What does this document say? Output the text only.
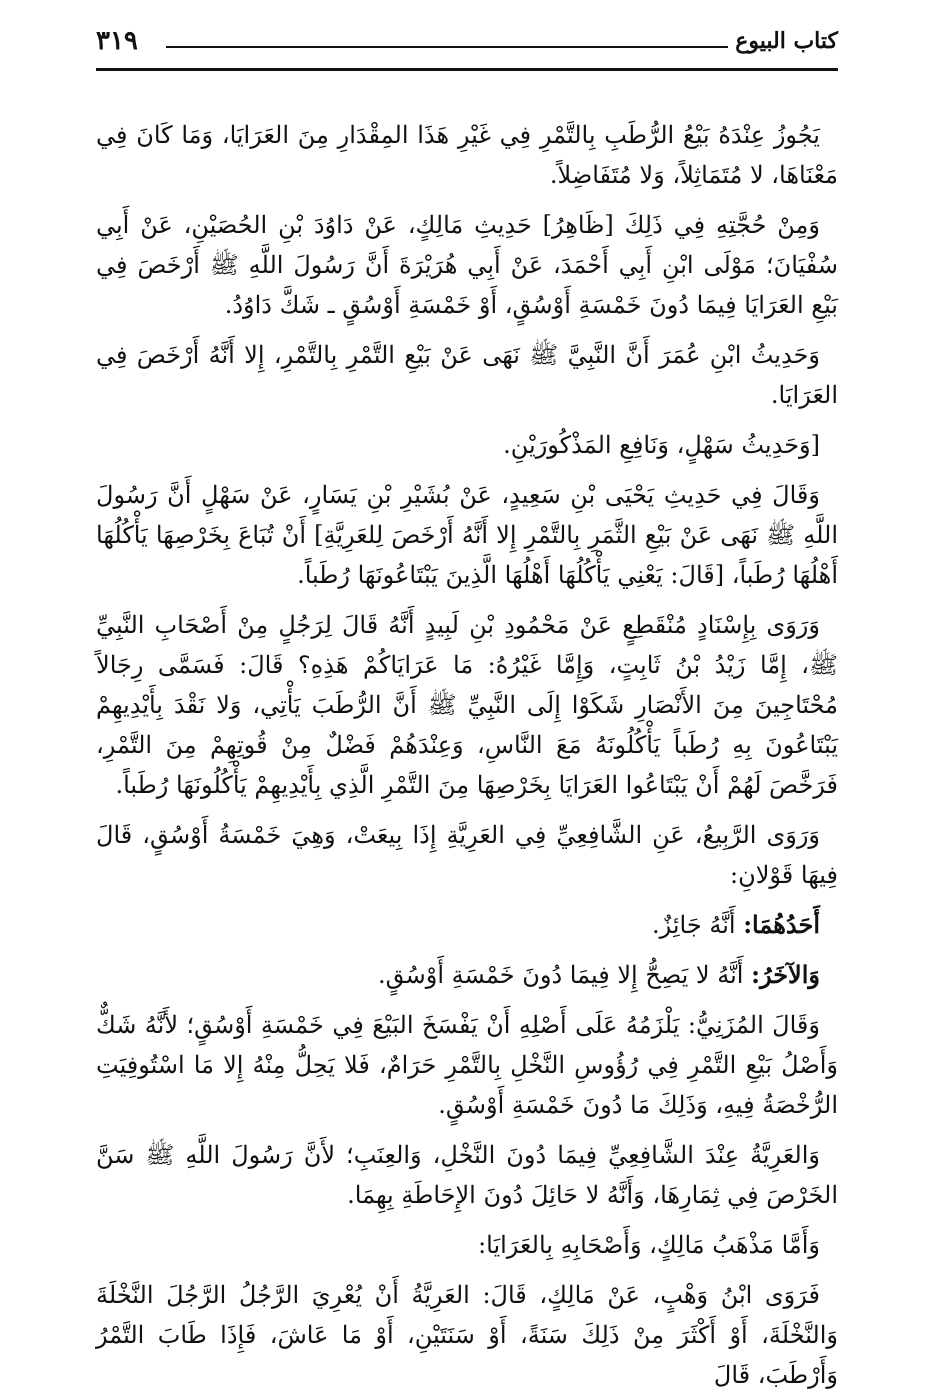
كتاب البيوع
٣١٩

يَجُوزُ عِنْدَهُ بَيْعُ الرُّطَبِ بِالتَّمْرِ فِي غَيْرِ هَذَا المِقْدَارِ مِنَ العَرَايَا، وَمَا كَانَ فِي مَعْنَاهَا، لا مُتَمَاثِلاً، وَلا مُتَفَاضِلاً.

وَمِنْ حُجَّتِهِ فِي ذَلِكَ [ظَاهِرُ] حَدِيثِ مَالِكٍ، عَنْ دَاوُدَ بْنِ الحُصَيْنِ، عَنْ أَبِي سُفْيَانَ؛ مَوْلَى ابْنِ أَبِي أَحْمَدَ، عَنْ أَبِي هُرَيْرَةَ أَنَّ رَسُولَ اللَّهِ ﷺ أَرْخَصَ فِي بَيْعِ العَرَايَا فِيمَا دُونَ خَمْسَةِ أَوْسُقٍ، أَوْ خَمْسَةِ أَوْسُقٍ ـ شَكَّ دَاوُدُ.

وَحَدِيثُ ابْنِ عُمَرَ أَنَّ النَّبِيَّ ﷺ نَهَى عَنْ بَيْعِ التَّمْرِ بِالتَّمْرِ، إِلا أَنَّهُ أَرْخَصَ فِي العَرَايَا.

[وَحَدِيثُ سَهْلٍ، وَنَافِعِ المَذْكُورَيْنِ.

وَقَالَ فِي حَدِيثِ يَحْيَى بْنِ سَعِيدٍ، عَنْ بُشَيْرِ بْنِ يَسَارٍ، عَنْ سَهْلٍ أَنَّ رَسُولَ اللَّهِ ﷺ نَهَى عَنْ بَيْعِ الثَّمَرِ بِالتَّمْرِ إِلا أَنَّهُ أَرْخَصَ لِلعَرِيَّةِ] أَنْ تُبَاعَ بِخَرْصِهَا يَأْكُلُهَا أَهْلُهَا رُطَباً، [قَالَ: يَعْنِي يَأْكُلُهَا أَهْلُهَا الَّذِينَ يَبْتَاعُونَهَا رُطَباً.

وَرَوَى بِإِسْنَادٍ مُنْقَطِعٍ عَنْ مَحْمُودِ بْنِ لَبِيدٍ أَنَّهُ قَالَ لِرَجُلٍ مِنْ أَصْحَابِ النَّبِيِّ ﷺ، إِمَّا زَيْدُ بْنُ ثَابِتٍ، وَإِمَّا غَيْرُهُ: مَا عَرَايَاكُمْ هَذِهِ؟ قَالَ: فَسَمَّى رِجَالاً مُحْتَاجِينَ مِنَ الأَنْصَارِ شَكَوْا إِلَى النَّبِيِّ ﷺ أَنَّ الرُّطَبَ يَأْتِي، وَلا نَقْدَ بِأَيْدِيهِمْ يَبْتَاعُونَ بِهِ رُطَباً يَأْكُلُونَهُ مَعَ النَّاسِ، وَعِنْدَهُمْ فَضْلٌ مِنْ قُوتِهِمْ مِنَ التَّمْرِ، فَرَخَّصَ لَهُمْ أَنْ يَبْتَاعُوا العَرَايَا بِخَرْصِهَا مِنَ التَّمْرِ الَّذِي بِأَيْدِيهِمْ يَأْكُلُونَهَا رُطَباً.

وَرَوَى الرَّبِيعُ، عَنِ الشَّافِعِيِّ فِي العَرِيَّةِ إِذَا بِيعَتْ، وَهِيَ خَمْسَةُ أَوْسُقٍ، قَالَ فِيهَا قَوْلانِ:

أَحَدُهُمَا: أَنَّهُ جَائِزٌ.

وَالآخَرُ: أَنَّهُ لا يَصِحُّ إِلا فِيمَا دُونَ خَمْسَةِ أَوْسُقٍ.

وَقَالَ المُزَنِيُّ: يَلْزَمُهُ عَلَى أَصْلِهِ أَنْ يَفْسَخَ البَيْعَ فِي خَمْسَةِ أَوْسُقٍ؛ لأَنَّهُ شَكٌّ وَأَصْلُ بَيْعِ التَّمْرِ فِي رُؤُوسِ النَّخْلِ بِالتَّمْرِ حَرَامٌ، فَلا يَحِلُّ مِنْهُ إِلا مَا اسْتُوفِيَتِ الرُّخْصَةُ فِيهِ، وَذَلِكَ مَا دُونَ خَمْسَةِ أَوْسُقٍ.

وَالعَرِيَّةُ عِنْدَ الشَّافِعِيِّ فِيمَا دُونَ النَّخْلِ، وَالعِنَبِ؛ لأَنَّ رَسُولَ اللَّهِ ﷺ سَنَّ الخَرْصَ فِي ثِمَارِهَا، وَأَنَّهُ لا حَائِلَ دُونَ الإِحَاطَةِ بِهِمَا.

وَأَمَّا مَذْهَبُ مَالِكٍ، وَأَصْحَابِهِ بِالعَرَايَا:

فَرَوَى ابْنُ وَهْبٍ، عَنْ مَالِكٍ، قَالَ: العَرِيَّةُ أَنْ يُعْرِيَ الرَّجُلُ الرَّجُلَ النَّخْلَةَ وَالنَّخْلَةَ، أَوْ أَكْثَرَ مِنْ ذَلِكَ سَنَةً، أَوْ سَنَتَيْنِ، أَوْ مَا عَاشَ، فَإِذَا طَابَ التَّمْرُ وَأَرْطَبَ، قَالَ
